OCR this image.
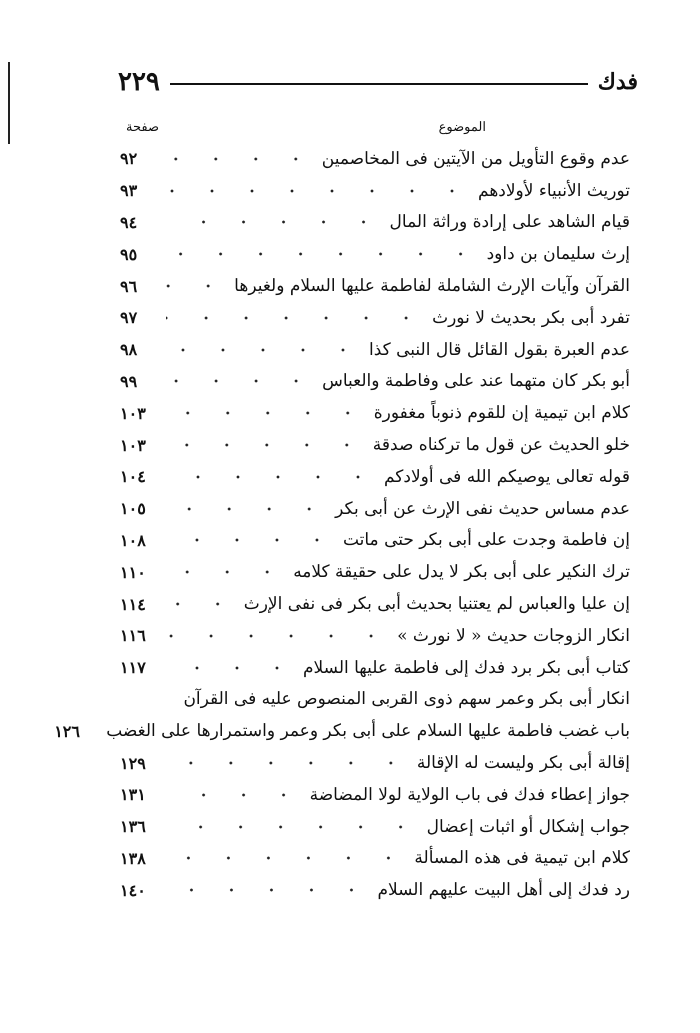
فدك
٢٢٩
الموضوع
صفحة
عدم وقوع التأويل من الآيتين فى المخاصمين
٩٢
توريث الأنبياء لأولادهم
٩٣
قيام الشاهد على إرادة وراثة المال
٩٤
إرث سليمان بن داود
٩٥
القرآن وآيات الإرث الشاملة لفاطمة عليها السلام ولغيرها
٩٦
تفرد أبى بكر بحديث لا نورث
٩٧
عدم العبرة بقول القائل قال النبى كذا
٩٨
أبو بكر كان متهما عند على وفاطمة والعباس
٩٩
كلام ابن تيمية إن للقوم ذنوباً مغفورة
١٠٣
خلو الحديث عن قول ما تركناه صدقة
١٠٣
قوله تعالى يوصيكم الله فى أولادكم
١٠٤
عدم مساس حديث نفى الإرث عن أبى بكر
١٠٥
إن فاطمة وجدت على أبى بكر حتى ماتت
١٠٨
ترك النكير على أبى بكر لا يدل على حقيقة كلامه
١١٠
إن عليا والعباس لم يعتنيا بحديث أبى بكر فى نفى الإرث
١١٤
انكار الزوجات حديث « لا نورث »
١١٦
كتاب أبى بكر برد فدك إلى فاطمة عليها السلام
١١٧
انكار أبى بكر وعمر سهم ذوى القربى المنصوص عليه فى القرآن
باب غضب فاطمة عليها السلام على أبى بكر وعمر واستمرارها على الغضب
١٢٦
إقالة أبى بكر وليست له الإقالة
١٢٩
جواز إعطاء فدك فى باب الولاية لولا المضاضة
١٣١
جواب إشكال أو اثبات إعضال
١٣٦
كلام ابن تيمية فى هذه المسألة
١٣٨
رد فدك إلى أهل البيت عليهم السلام
١٤٠
